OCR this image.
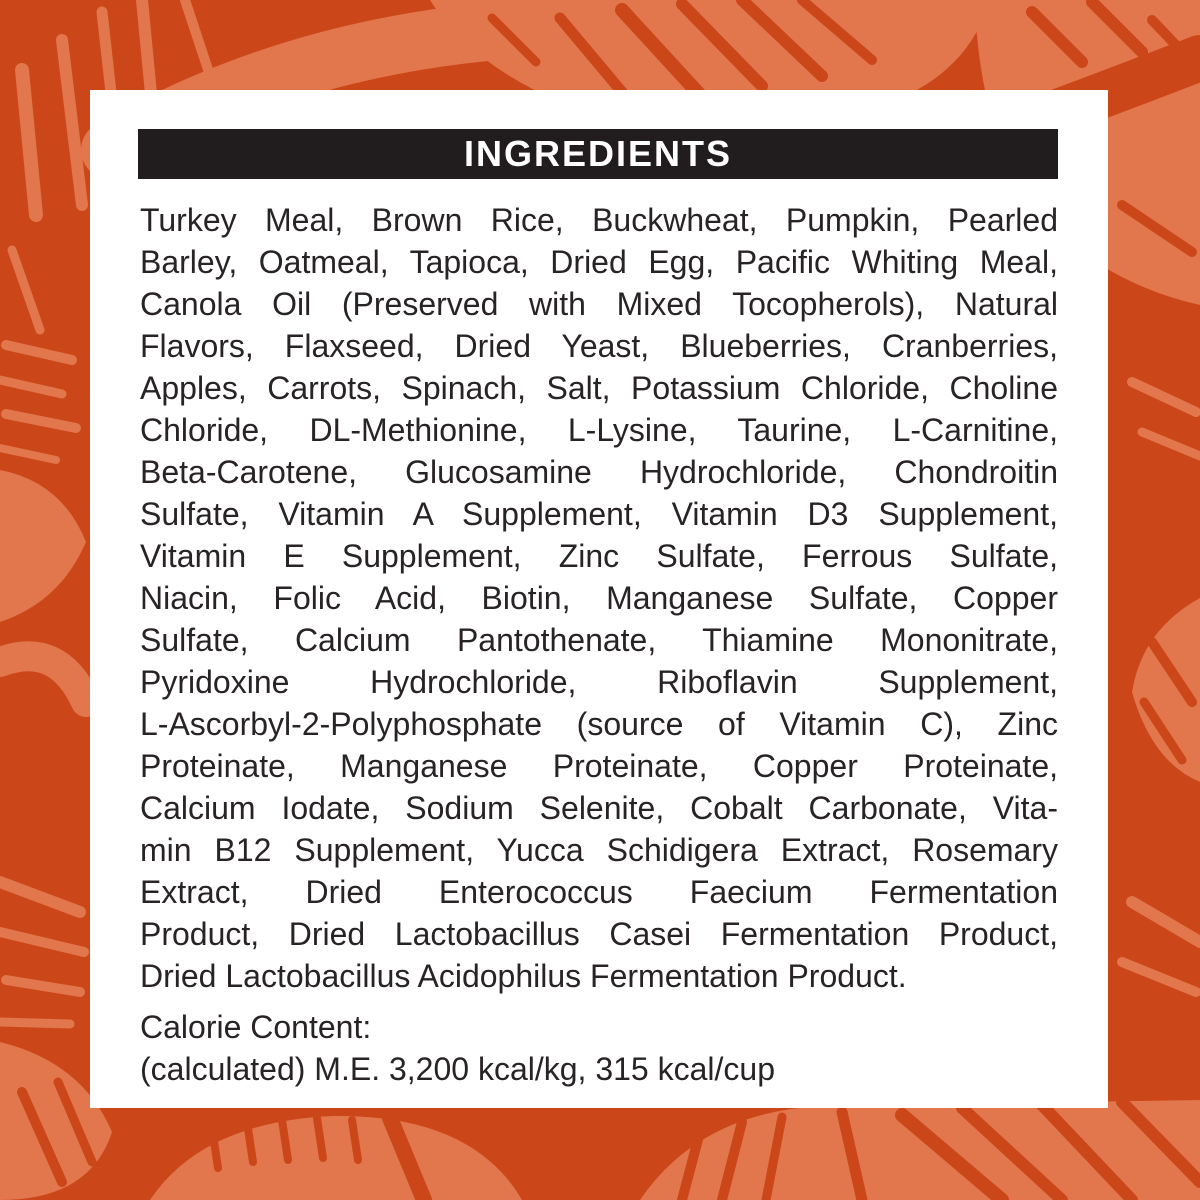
INGREDIENTS
Turkey Meal, Brown Rice, Buckwheat, Pumpkin, Pearled
Barley, Oatmeal, Tapioca, Dried Egg, Pacific Whiting Meal,
Canola Oil (Preserved with Mixed Tocopherols), Natural
Flavors, Flaxseed, Dried Yeast, Blueberries, Cranberries,
Apples, Carrots, Spinach, Salt, Potassium Chloride, Choline
Chloride, DL-Methionine, L-Lysine, Taurine, L-Carnitine,
Beta-Carotene, Glucosamine Hydrochloride, Chondroitin
Sulfate, Vitamin A Supplement, Vitamin D3 Supplement,
Vitamin E Supplement, Zinc Sulfate, Ferrous Sulfate,
Niacin, Folic Acid, Biotin, Manganese Sulfate, Copper
Sulfate, Calcium Pantothenate, Thiamine Mononitrate,
Pyridoxine Hydrochloride, Riboflavin Supplement,
L-Ascorbyl-2-Polyphosphate (source of Vitamin C), Zinc
Proteinate, Manganese Proteinate, Copper Proteinate,
Calcium Iodate, Sodium Selenite, Cobalt Carbonate, Vita-
min B12 Supplement, Yucca Schidigera Extract, Rosemary
Extract, Dried Enterococcus Faecium Fermentation
Product, Dried Lactobacillus Casei Fermentation Product,
Dried Lactobacillus Acidophilus Fermentation Product.
Calorie Content:
(calculated) M.E. 3,200 kcal/kg, 315 kcal/cup
